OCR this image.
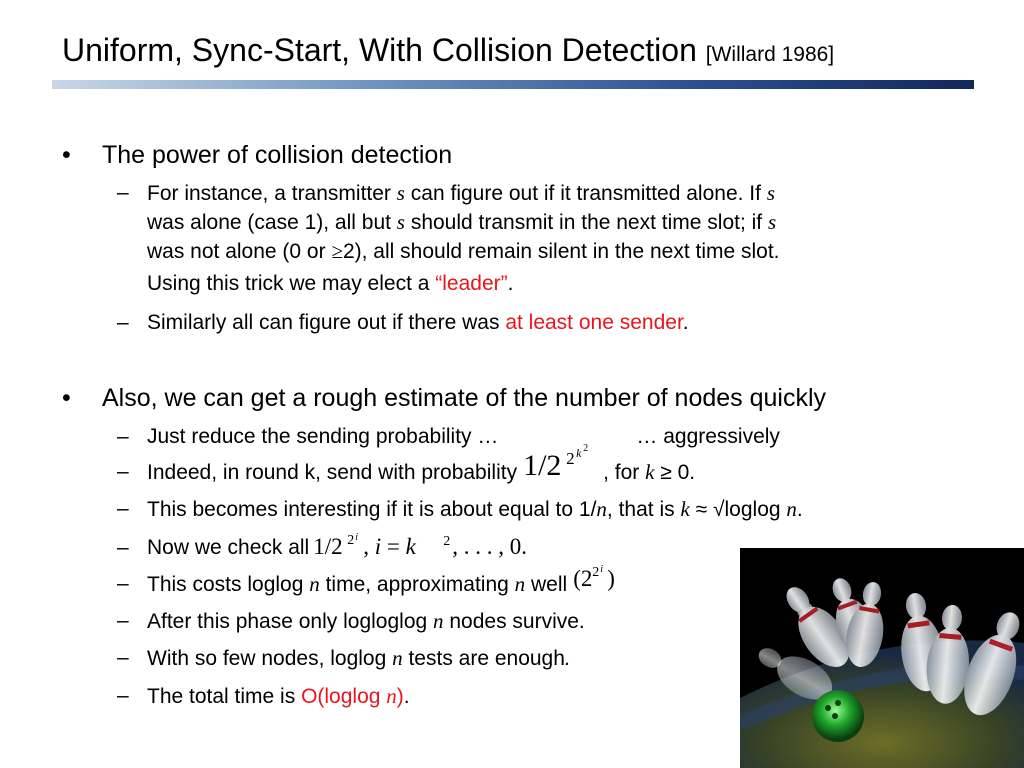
Uniform, Sync-Start, With Collision Detection [Willard 1986]
• The power of collision detection
– For instance, a transmitter s can figure out if it transmitted alone. If s
was alone (case 1), all but s should transmit in the next time slot; if s
was not alone (0 or ≥2), all should remain silent in the next time slot.
Using this trick we may elect a “leader”.
– Similarly all can figure out if there was at least one sender.
• Also, we can get a rough estimate of the number of nodes quickly
– Just reduce the sending probability …	… aggressively
– Indeed, in round k, send with probability 1/2 2 k 2
, for k ≥ 0.
– This becomes interesting if it is about equal to 1/n, that is k ≈ √loglog n.
– Now we check all 1/2 2 i , i = k 2 , . . . , 0.
– This costs loglog n time, approximating n well (2 2 i )
– After this phase only logloglog n nodes survive.
– With so few nodes, loglog n tests are enough.
– The total time is O(loglog n).
